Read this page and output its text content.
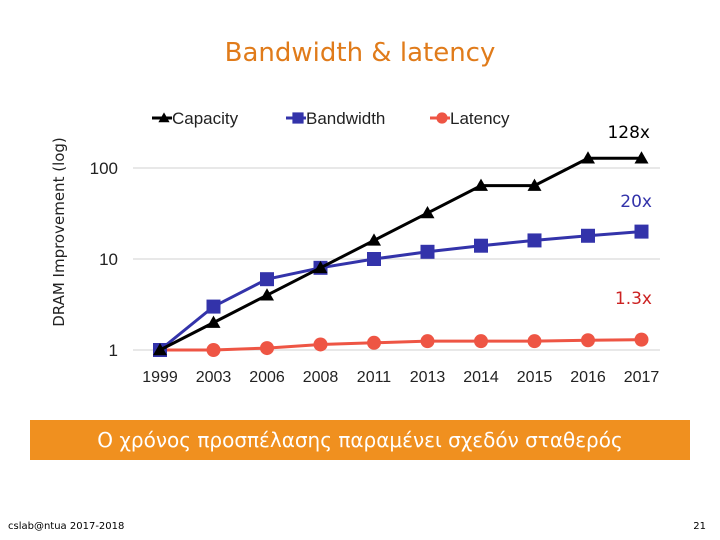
Bandwidth & latency
1
10
100
DRAM Improvement (log)
1999 2003 2006 2008 2011 2013 2014 2015 2016 2017
Capacity	Bandwidth	Latency
128x
20x
1.3x
Ο χρόνος προσπέλασης παραμένει σχεδόν σταθερός
cslab@ntua 2017-2018	21
